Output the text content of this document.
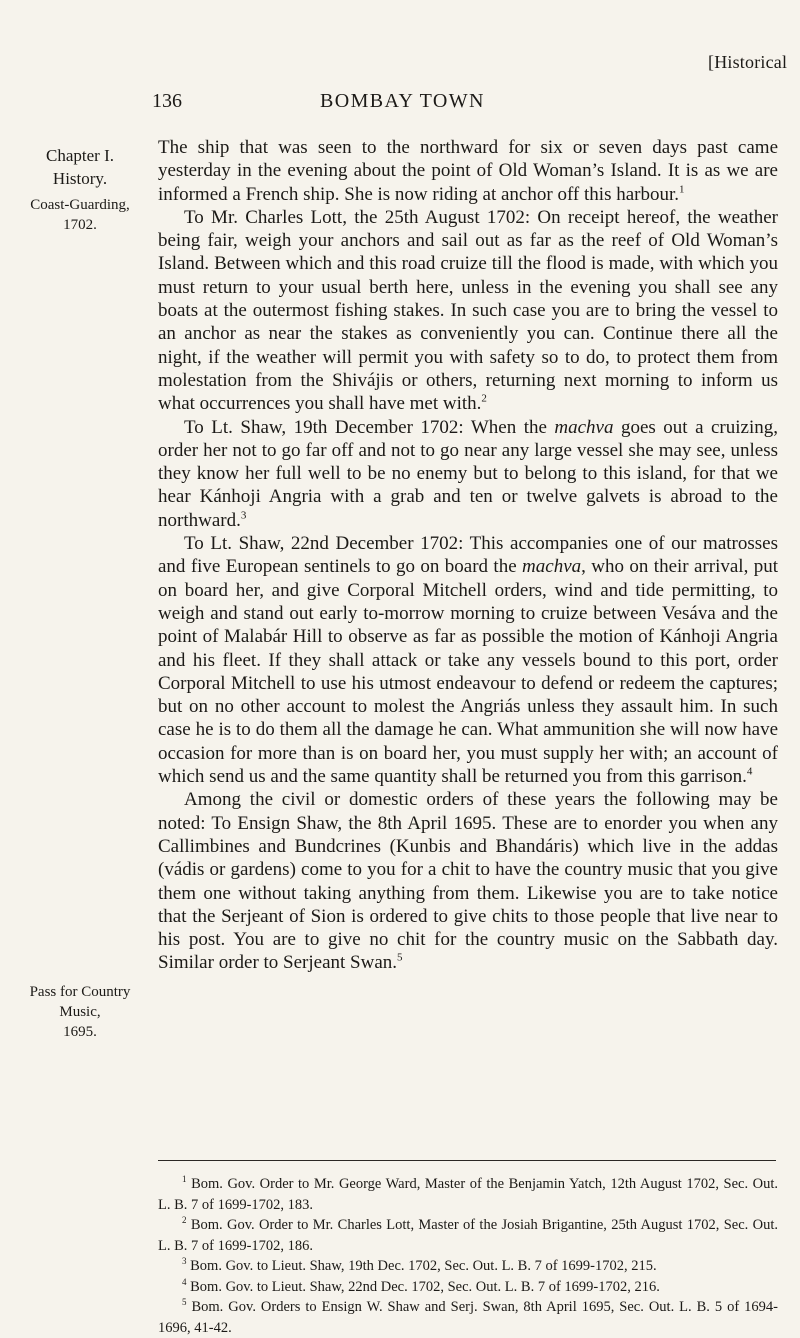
[Historical
136	BOMBAY TOWN
Chapter I.
History.
Coast-Guarding,
1702.
Pass for Country
Music,
1695.

The ship that was seen to the northward for six or seven days past came yesterday in the evening about the point of Old Woman’s Island. It is as we are informed a French ship. She is now riding at anchor off this harbour.$^1$

To Mr. Charles Lott, the 25th August 1702: On receipt hereof, the weather being fair, weigh your anchors and sail out as far as the reef of Old Woman’s Island. Between which and this road cruize till the flood is made, with which you must return to your usual berth here, unless in the evening you shall see any boats at the outermost fishing stakes. In such case you are to bring the vessel to an anchor as near the stakes as conveniently you can. Continue there all the night, if the weather will permit you with safety so to do, to protect them from molestation from the Shivájis or others, returning next morning to inform us what occurrences you shall have met with.$^2$

To Lt. Shaw, 19th December 1702: When the machva goes out a cruizing, order her not to go far off and not to go near any large vessel she may see, unless they know her full well to be no enemy but to belong to this island, for that we hear Kánhoji Angria with a grab and ten or twelve galvets is abroad to the northward.$^3$

To Lt. Shaw, 22nd December 1702: This accompanies one of our matrosses and five European sentinels to go on board the machva, who on their arrival, put on board her, and give Corporal Mitchell orders, wind and tide permitting, to weigh and stand out early to-morrow morning to cruize between Vesáva and the point of Malabár Hill to observe as far as possible the motion of Kánhoji Angria and his fleet. If they shall attack or take any vessels bound to this port, order Corporal Mitchell to use his utmost endeavour to defend or redeem the captures; but on no other account to molest the Angriás unless they assault him. In such case he is to do them all the damage he can. What ammunition she will now have occasion for more than is on board her, you must supply her with; an account of which send us and the same quantity shall be returned you from this garrison.$^4$

Among the civil or domestic orders of these years the following may be noted: To Ensign Shaw, the 8th April 1695. These are to enorder you when any Callimbines and Bundcrines (Kunbis and Bhandáris) which live in the addas (vádis or gardens) come to you for a chit to have the country music that you give them one without taking anything from them. Likewise you are to take notice that the Serjeant of Sion is ordered to give chits to those people that live near to his post. You are to give no chit for the country music on the Sabbath day. Similar order to Serjeant Swan.$^5$

$^1$ Bom. Gov. Order to Mr. George Ward, Master of the Benjamin Yatch, 12th August 1702, Sec. Out. L. B. 7 of 1699-1702, 183.

$^2$ Bom. Gov. Order to Mr. Charles Lott, Master of the Josiah Brigantine, 25th August 1702, Sec. Out. L. B. 7 of 1699-1702, 186.

$^3$ Bom. Gov. to Lieut. Shaw, 19th Dec. 1702, Sec. Out. L. B. 7 of 1699-1702, 215.

$^4$ Bom. Gov. to Lieut. Shaw, 22nd Dec. 1702, Sec. Out. L. B. 7 of 1699-1702, 216.

$^5$ Bom. Gov. Orders to Ensign W. Shaw and Serj. Swan, 8th April 1695, Sec. Out. L. B. 5 of 1694-1696, 41-42.
